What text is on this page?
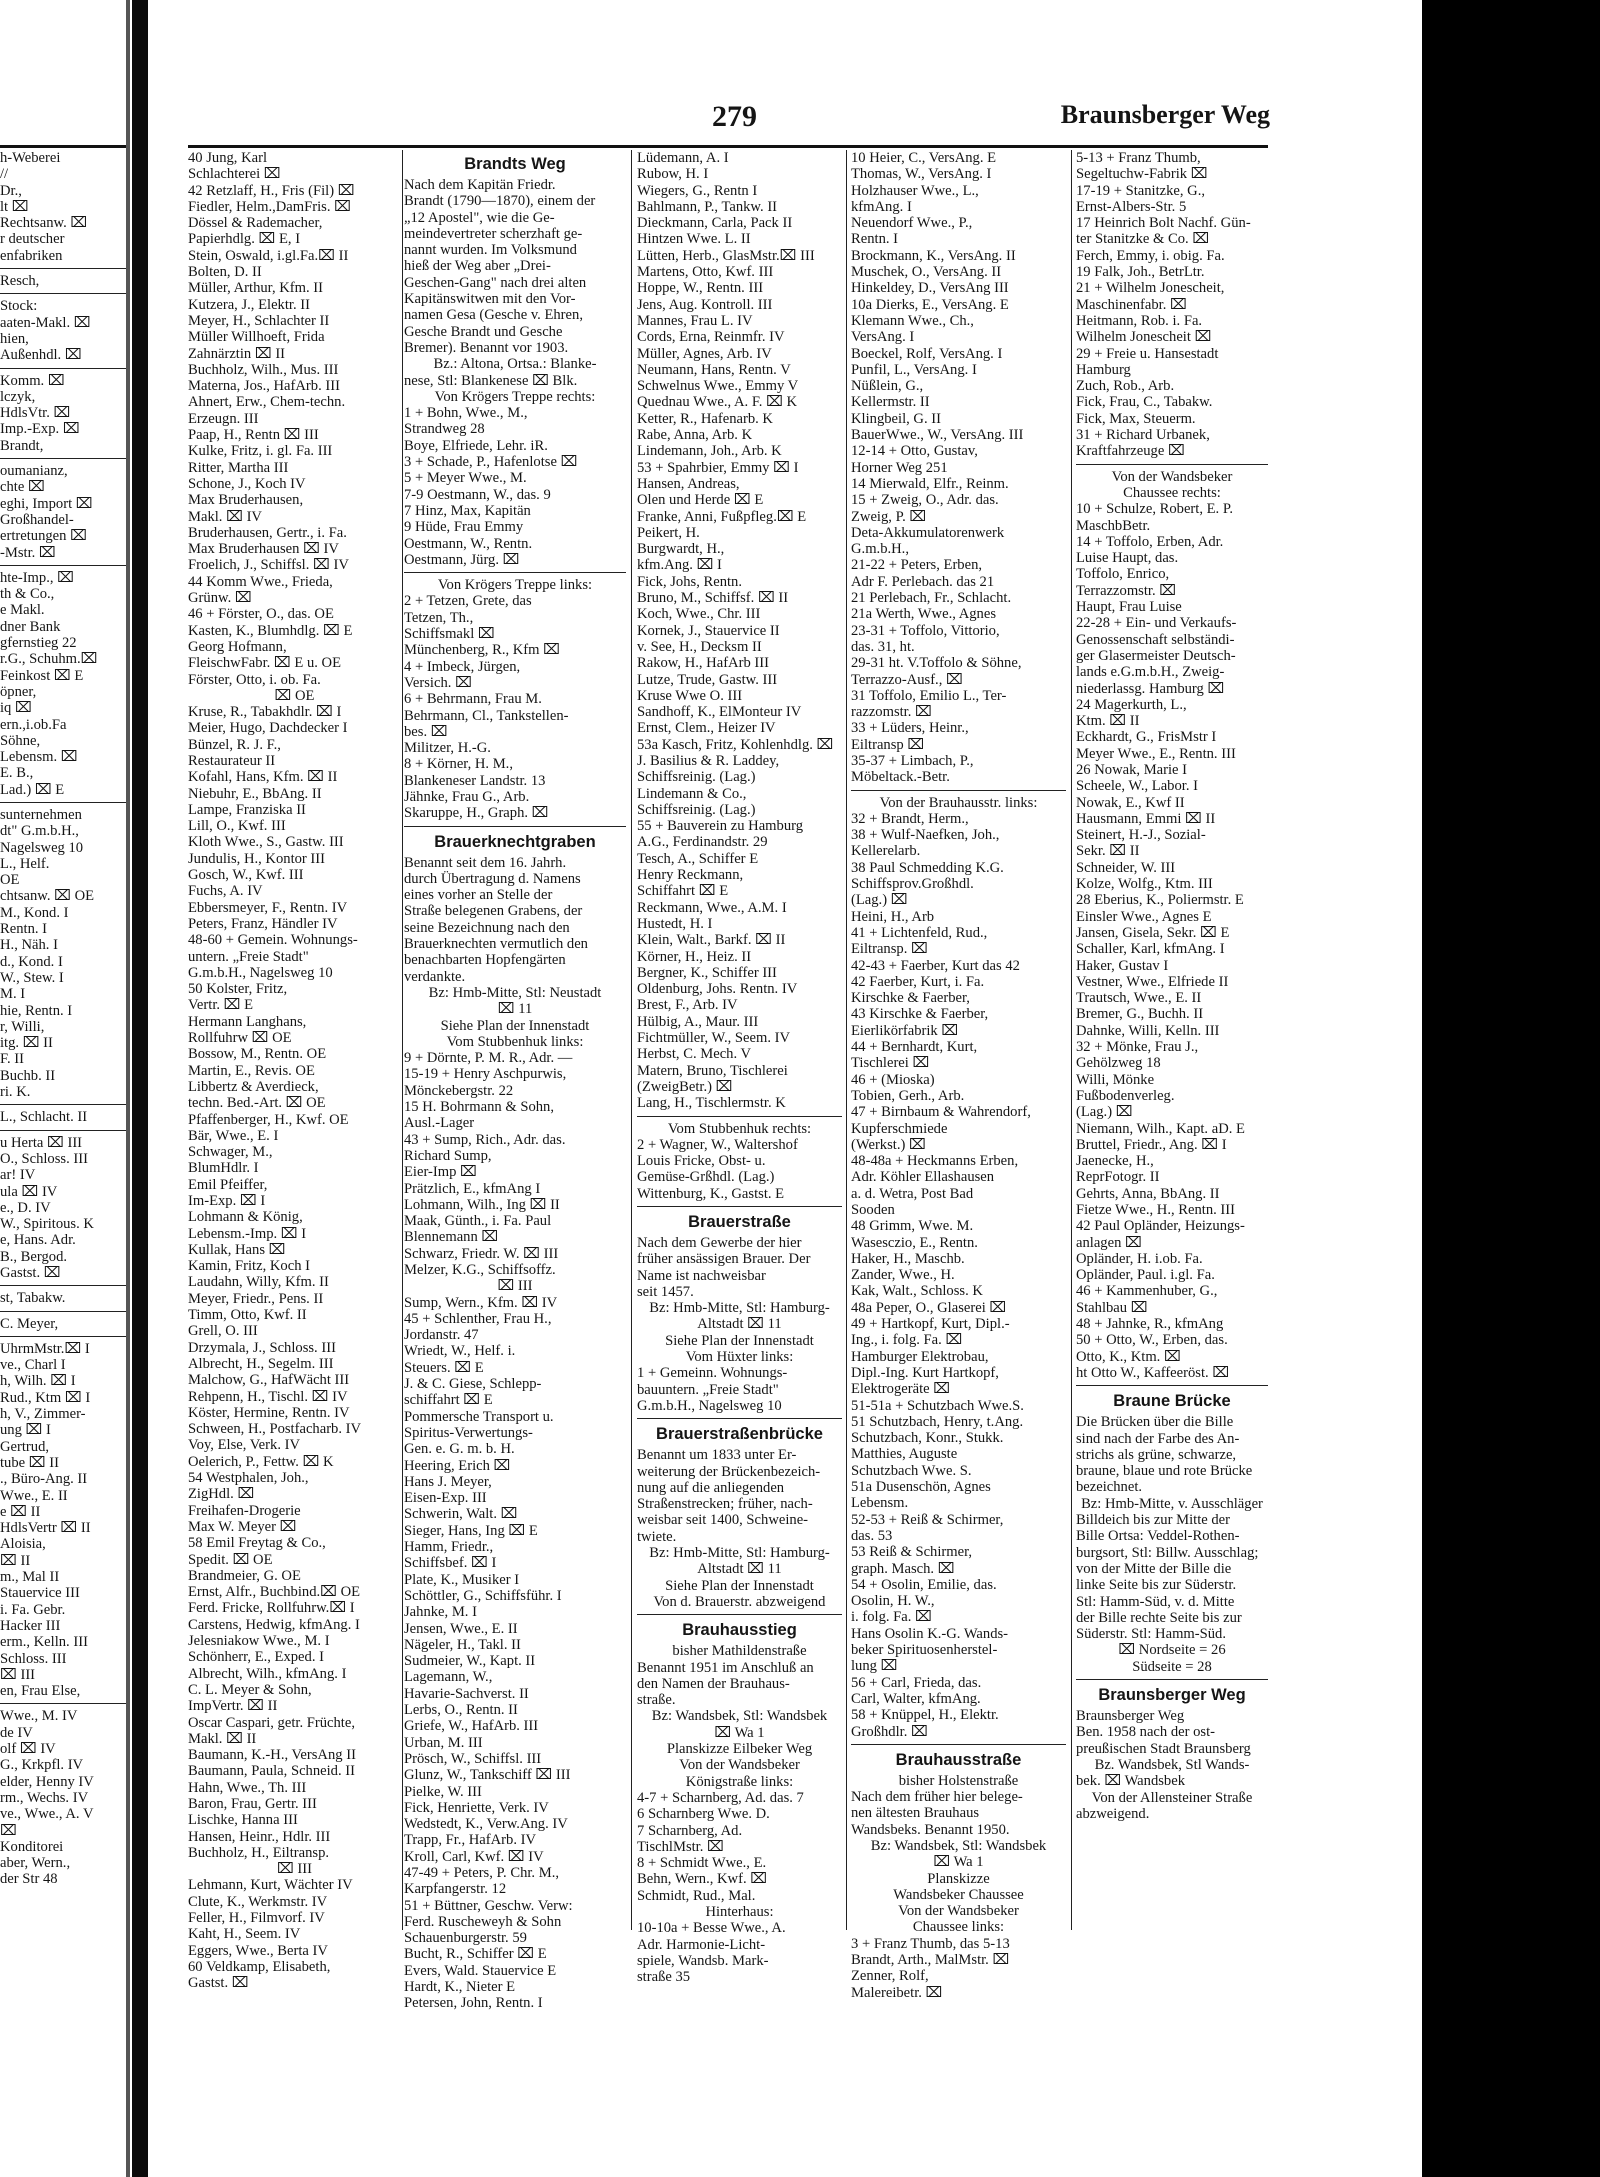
279	Braunsberger Weg
h-Weberei
//
Dr.,
lt ⌧
Rechtsanw. ⌧
r deutscher
enfabriken
Resch,
Stock:
aaten-Makl. ⌧
hien,
Außenhdl. ⌧
Komm. ⌧
lczyk,
HdlsVtr. ⌧
Imp.-Exp. ⌧
Brandt,
oumanianz,
chte ⌧
eghi, Import ⌧
Großhandel-
ertretungen ⌧
-Mstr. ⌧
hte-Imp., ⌧
th & Co.,
e Makl.
dner Bank
gfernstieg 22
r.G., Schuhm.⌧
Feinkost ⌧ E
öpner,
iq ⌧
ern.,i.ob.Fa
Söhne,
Lebensm. ⌧
E. B.,
Lad.) ⌧ E
sunternehmen
dt" G.m.b.H.,
Nagelsweg 10
L., Helf.
OE
chtsanw. ⌧ OE
M., Kond. I
Rentn. I
H., Näh. I
d., Kond. I
W., Stew. I
M. I
hie, Rentn. I
r, Willi,
itg. ⌧ II
F. II
Buchb. II
ri. K.
L., Schlacht. II
u Herta ⌧ III
O., Schloss. III
ar! IV
ula ⌧ IV
e., D. IV
W., Spiritous. K
e, Hans. Adr.
B., Bergod.
Gastst. ⌧
st, Tabakw.
C. Meyer,
UhrmMstr.⌧ I
ve., Charl I
h, Wilh. ⌧ I
Rud., Ktm ⌧ I
h, V., Zimmer-
ung ⌧ I
Gertrud,
tube ⌧ II
., Büro-Ang. II
Wwe., E. II
e ⌧ II
HdlsVertr ⌧ II
Aloisia,
⌧ II
m., Mal II
Stauervice III
i. Fa. Gebr.
Hacker III
erm., Kelln. III
Schloss. III
⌧ III
en, Frau Else,
Wwe., M. IV
de IV
olf ⌧ IV
G., Krkpfl. IV
elder, Henny IV
rm., Wechs. IV
ve., Wwe., A. V
⌧
Konditorei
aber, Wern.,
der Str 48
40 Jung, Karl
Schlachterei ⌧
42 Retzlaff, H., Fris (Fil) ⌧
Fiedler, Helm.,DamFris. ⌧
Dössel & Rademacher,
Papierhdlg. ⌧ E, I
Stein, Oswald, i.gl.Fa.⌧ II
Bolten, D. II
Müller, Arthur, Kfm. II
Kutzera, J., Elektr. II
Meyer, H., Schlachter II
Müller Willhoeft, Frida
Zahnärztin ⌧ II
Buchholz, Wilh., Mus. III
Materna, Jos., HafArb. III
Ahnert, Erw., Chem-techn.
Erzeugn. III
Paap, H., Rentn ⌧ III
Kulke, Fritz, i. gl. Fa. III
Ritter, Martha III
Schone, J., Koch IV
Max Bruderhausen,
Makl. ⌧ IV
Bruderhausen, Gertr., i. Fa.
Max Bruderhausen ⌧ IV
Froelich, J., Schiffsl. ⌧ IV
44 Komm Wwe., Frieda,
Grünw. ⌧
46 + Förster, O., das. OE
Kasten, K., Blumhdlg. ⌧ E
Georg Hofmann,
FleischwFabr. ⌧ E u. OE
Förster, Otto, i. ob. Fa.
⌧ OE
Kruse, R., Tabakhdlr. ⌧ I
Meier, Hugo, Dachdecker I
Bünzel, R. J. F.,
Restaurateur II
Kofahl, Hans, Kfm. ⌧ II
Niebuhr, E., BbAng. II
Lampe, Franziska II
Lill, O., Kwf. III
Kloth Wwe., S., Gastw. III
Jundulis, H., Kontor III
Gosch, W., Kwf. III
Fuchs, A. IV
Ebbersmeyer, F., Rentn. IV
Peters, Franz, Händler IV
48-60 + Gemein. Wohnungs-
untern. „Freie Stadt"
G.m.b.H., Nagelsweg 10
50 Kolster, Fritz,
Vertr. ⌧ E
Hermann Langhans,
Rollfuhrw ⌧ OE
Bossow, M., Rentn. OE
Martin, E., Revis. OE
Libbertz & Averdieck,
techn. Bed.-Art. ⌧ OE
Pfaffenberger, H., Kwf. OE
Bär, Wwe., E. I
Schwager, M.,
BlumHdlr. I
Emil Pfeiffer,
Im-Exp. ⌧ I
Lohmann & König,
Lebensm.-Imp. ⌧ I
Kullak, Hans ⌧
Kamin, Fritz, Koch I
Laudahn, Willy, Kfm. II
Meyer, Friedr., Pens. II
Timm, Otto, Kwf. II
Grell, O. III
Drzymala, J., Schloss. III
Albrecht, H., Segelm. III
Malchow, G., HafWächt III
Rehpenn, H., Tischl. ⌧ IV
Köster, Hermine, Rentn. IV
Schween, H., Postfacharb. IV
Voy, Else, Verk. IV
Oelerich, P., Fettw. ⌧ K
54 Westphalen, Joh.,
ZigHdl. ⌧
Freihafen-Drogerie
Max W. Meyer ⌧
58 Emil Freytag & Co.,
Spedit. ⌧ OE
Brandmeier, G. OE
Ernst, Alfr., Buchbind.⌧ OE
Ferd. Fricke, Rollfuhrw.⌧ I
Carstens, Hedwig, kfmAng. I
Jelesniakow Wwe., M. I
Schönherr, E., Exped. I
Albrecht, Wilh., kfmAng. I
C. L. Meyer & Sohn,
ImpVertr. ⌧ II
Oscar Caspari, getr. Früchte,
Makl. ⌧ II
Baumann, K.-H., VersAng II
Baumann, Paula, Schneid. II
Hahn, Wwe., Th. III
Baron, Frau, Gertr. III
Lischke, Hanna III
Hansen, Heinr., Hdlr. III
Buchholz, H., Eiltransp.
⌧ III
Lehmann, Kurt, Wächter IV
Clute, K., Werkmstr. IV
Feller, H., Filmvorf. IV
Kaht, H., Seem. IV
Eggers, Wwe., Berta IV
60 Veldkamp, Elisabeth,
Gastst. ⌧
Brandts Weg
Nach dem Kapitän Friedr.
Brandt (1790—1870), einem der
„12 Apostel", wie die Ge-
meindevertreter scherzhaft ge-
nannt wurden. Im Volksmund
hieß der Weg aber „Drei-
Geschen-Gang" nach drei alten
Kapitänswitwen mit den Vor-
namen Gesa (Gesche v. Ehren,
Gesche Brandt und Gesche
Bremer). Benannt vor 1903.
Bz.: Altona, Ortsa.: Blanke-
nese, Stl: Blankenese ⌧ Blk.
Von Krögers Treppe rechts:
1 + Bohn, Wwe., M.,
Strandweg 28
Boye, Elfriede, Lehr. iR.
3 + Schade, P., Hafenlotse ⌧
5 + Meyer Wwe., M.
7-9 Oestmann, W., das. 9
7 Hinz, Max, Kapitän
9 Hüde, Frau Emmy
Oestmann, W., Rentn.
Oestmann, Jürg. ⌧
Von Krögers Treppe links:
2 + Tetzen, Grete, das
Tetzen, Th.,
Schiffsmakl ⌧
Münchenberg, R., Kfm ⌧
4 + Imbeck, Jürgen,
Versich. ⌧
6 + Behrmann, Frau M.
Behrmann, Cl., Tankstellen-
bes. ⌧
Militzer, H.-G.
8 + Körner, H. M.,
Blankeneser Landstr. 13
Jähnke, Frau G., Arb.
Skaruppe, H., Graph. ⌧
Brauerknechtgraben
Benannt seit dem 16. Jahrh.
durch Übertragung d. Namens
eines vorher an Stelle der
Straße belegenen Grabens, der
seine Bezeichnung nach den
Brauerknechten vermutlich den
benachbarten Hopfengärten
verdankte.
Bz: Hmb-Mitte, Stl: Neustadt
⌧ 11
Siehe Plan der Innenstadt
Vom Stubbenhuk links:
9 + Dörnte, P. M. R., Adr. —
15-19 + Henry Aschpurwis,
Mönckebergstr. 22
15 H. Bohrmann & Sohn,
Ausl.-Lager
43 + Sump, Rich., Adr. das.
Richard Sump,
Eier-Imp ⌧
Prätzlich, E., kfmAng I
Lohmann, Wilh., Ing ⌧ II
Maak, Günth., i. Fa. Paul
Blennemann ⌧
Schwarz, Friedr. W. ⌧ III
Melzer, K.G., Schiffsoffz.
⌧ III
Sump, Wern., Kfm. ⌧ IV
45 + Schlenther, Frau H.,
Jordanstr. 47
Wriedt, W., Helf. i.
Steuers. ⌧ E
J. & C. Giese, Schlepp-
schiffahrt ⌧ E
Pommersche Transport u.
Spiritus-Verwertungs-
Gen. e. G. m. b. H.
Heering, Erich ⌧
Hans J. Meyer,
Eisen-Exp. III
Schwerin, Walt. ⌧
Sieger, Hans, Ing ⌧ E
Hamm, Friedr.,
Schiffsbef. ⌧ I
Plate, K., Musiker I
Schöttler, G., Schiffsführ. I
Jahnke, M. I
Jensen, Wwe., E. II
Nägeler, H., Takl. II
Sudmeier, W., Kapt. II
Lagemann, W.,
Havarie-Sachverst. II
Lerbs, O., Rentn. II
Griefe, W., HafArb. III
Urban, M. III
Prösch, W., Schiffsl. III
Glunz, W., Tankschiff ⌧ III
Pielke, W. III
Fick, Henriette, Verk. IV
Wedstedt, K., Verw.Ang. IV
Trapp, Fr., HafArb. IV
Kroll, Carl, Kwf. ⌧ IV
47-49 + Peters, P. Chr. M.,
Karpfangerstr. 12
51 + Büttner, Geschw. Verw:
Ferd. Ruscheweyh & Sohn
Schauenburgerstr. 59
Bucht, R., Schiffer ⌧ E
Evers, Wald. Stauervice E
Hardt, K., Nieter E
Petersen, John, Rentn. I
Lüdemann, A. I
Rubow, H. I
Wiegers, G., Rentn I
Bahlmann, P., Tankw. II
Dieckmann, Carla, Pack II
Hintzen Wwe. L. II
Lütten, Herb., GlasMstr.⌧ III
Martens, Otto, Kwf. III
Hoppe, W., Rentn. III
Jens, Aug. Kontroll. III
Mannes, Frau L. IV
Cords, Erna, Reinmfr. IV
Müller, Agnes, Arb. IV
Neumann, Hans, Rentn. V
Schwelnus Wwe., Emmy V
Quednau Wwe., A. F. ⌧ K
Ketter, R., Hafenarb. K
Rabe, Anna, Arb. K
Lindemann, Joh., Arb. K
53 + Spahrbier, Emmy ⌧ I
Hansen, Andreas,
Olen und Herde ⌧ E
Franke, Anni, Fußpfleg.⌧ E
Peikert, H.
Burgwardt, H.,
kfm.Ang. ⌧ I
Fick, Johs, Rentn.
Bruno, M., Schiffsf. ⌧ II
Koch, Wwe., Chr. III
Kornek, J., Stauervice II
v. See, H., Decksm II
Rakow, H., HafArb III
Lutze, Trude, Gastw. III
Kruse Wwe O. III
Sandhoff, K., ElMonteur IV
Ernst, Clem., Heizer IV
53a Kasch, Fritz, Kohlenhdlg. ⌧
J. Basilius & R. Laddey,
Schiffsreinig. (Lag.)
Lindemann & Co.,
Schiffsreinig. (Lag.)
55 + Bauverein zu Hamburg
A.G., Ferdinandstr. 29
Tesch, A., Schiffer E
Henry Reckmann,
Schiffahrt ⌧ E
Reckmann, Wwe., A.M. I
Hustedt, H. I
Klein, Walt., Barkf. ⌧ II
Körner, H., Heiz. II
Bergner, K., Schiffer III
Oldenburg, Johs. Rentn. IV
Brest, F., Arb. IV
Hülbig, A., Maur. III
Fichtmüller, W., Seem. IV
Herbst, C. Mech. V
Matern, Bruno, Tischlerei
(ZweigBetr.) ⌧
Lang, H., Tischlermstr. K
Vom Stubbenhuk rechts:
2 + Wagner, W., Waltershof
Louis Fricke, Obst- u.
Gemüse-Grßhdl. (Lag.)
Wittenburg, K., Gastst. E
Brauerstraße
Nach dem Gewerbe der hier
früher ansässigen Brauer. Der
Name ist nachweisbar
seit 1457.
Bz: Hmb-Mitte, Stl: Hamburg-
Altstadt ⌧ 11
Siehe Plan der Innenstadt
Vom Hüxter links:
1 + Gemeinn. Wohnungs-
bauuntern. „Freie Stadt"
G.m.b.H., Nagelsweg 10
Brauerstraßenbrücke
Benannt um 1833 unter Er-
weiterung der Brückenbezeich-
nung auf die anliegenden
Straßenstrecken; früher, nach-
weisbar seit 1400, Schweine-
twiete.
Bz: Hmb-Mitte, Stl: Hamburg-
Altstadt ⌧ 11
Siehe Plan der Innenstadt
Von d. Brauerstr. abzweigend
Brauhausstieg
bisher Mathildenstraße
Benannt 1951 im Anschluß an
den Namen der Brauhaus-
straße.
Bz: Wandsbek, Stl: Wandsbek
⌧ Wa 1
Planskizze Eilbeker Weg
Von der Wandsbeker
Königstraße links:
4-7 + Scharnberg, Ad. das. 7
6 Scharnberg Wwe. D.
7 Scharnberg, Ad.
TischlMstr. ⌧
8 + Schmidt Wwe., E.
Behn, Wern., Kwf. ⌧
Schmidt, Rud., Mal.
Hinterhaus:
10-10a + Besse Wwe., A.
Adr. Harmonie-Licht-
spiele, Wandsb. Mark-
straße 35
10 Heier, C., VersAng. E
Thomas, W., VersAng. I
Holzhauser Wwe., L.,
kfmAng. I
Neuendorf Wwe., P.,
Rentn. I
Brockmann, K., VersAng. II
Muschek, O., VersAng. II
Hinkeldey, D., VersAng III
10a Dierks, E., VersAng. E
Klemann Wwe., Ch.,
VersAng. I
Boeckel, Rolf, VersAng. I
Punfil, L., VersAng. I
Nüßlein, G.,
Kellermstr. II
Klingbeil, G. II
BauerWwe., W., VersAng. III
12-14 + Otto, Gustav,
Horner Weg 251
14 Mierwald, Elfr., Reinm.
15 + Zweig, O., Adr. das.
Zweig, P. ⌧
Deta-Akkumulatorenwerk
G.m.b.H.,
21-22 + Peters, Erben,
Adr F. Perlebach. das 21
21 Perlebach, Fr., Schlacht.
21a Werth, Wwe., Agnes
23-31 + Toffolo, Vittorio,
das. 31, ht.
29-31 ht. V.Toffolo & Söhne,
Terrazzo-Ausf., ⌧
31 Toffolo, Emilio L., Ter-
razzomstr. ⌧
33 + Lüders, Heinr.,
Eiltransp ⌧
35-37 + Limbach, P.,
Möbeltack.-Betr.
Von der Brauhausstr. links:
32 + Brandt, Herm.,
38 + Wulf-Naefken, Joh.,
Kellerelarb.
38 Paul Schmedding K.G.
Schiffsprov.Großhdl.
(Lag.) ⌧
Heini, H., Arb
41 + Lichtenfeld, Rud.,
Eiltransp. ⌧
42-43 + Faerber, Kurt das 42
42 Faerber, Kurt, i. Fa.
Kirschke & Faerber,
43 Kirschke & Faerber,
Eierlikörfabrik ⌧
44 + Bernhardt, Kurt,
Tischlerei ⌧
46 + (Mioska)
Tobien, Gerh., Arb.
47 + Birnbaum & Wahrendorf,
Kupferschmiede
(Werkst.) ⌧
48-48a + Heckmanns Erben,
Adr. Köhler Ellashausen
a. d. Wetra, Post Bad
Sooden
48 Grimm, Wwe. M.
Wasesczio, E., Rentn.
Haker, H., Maschb.
Zander, Wwe., H.
Kak, Walt., Schloss. K
48a Peper, O., Glaserei ⌧
49 + Hartkopf, Kurt, Dipl.-
Ing., i. folg. Fa. ⌧
Hamburger Elektrobau,
Dipl.-Ing. Kurt Hartkopf,
Elektrogeräte ⌧
51-51a + Schutzbach Wwe.S.
51 Schutzbach, Henry, t.Ang.
Schutzbach, Konr., Stukk.
Matthies, Auguste
Schutzbach Wwe. S.
51a Dusenschön, Agnes
Lebensm.
52-53 + Reiß & Schirmer,
das. 53
53 Reiß & Schirmer,
graph. Masch. ⌧
54 + Osolin, Emilie, das.
Osolin, H. W.,
i. folg. Fa. ⌧
Hans Osolin K.-G. Wands-
beker Spirituosenherstel-
lung ⌧
56 + Carl, Frieda, das.
Carl, Walter, kfmAng.
58 + Knüppel, H., Elektr.
Großhdlr. ⌧
Brauhausstraße
bisher Holstenstraße
Nach dem früher hier belege-
nen ältesten Brauhaus
Wandsbeks. Benannt 1950.
Bz: Wandsbek, Stl: Wandsbek
⌧ Wa 1
Planskizze
Wandsbeker Chaussee
Von der Wandsbeker
Chaussee links:
3 + Franz Thumb, das 5-13
Brandt, Arth., MalMstr. ⌧
Zenner, Rolf,
Malereibetr. ⌧
5-13 + Franz Thumb,
Segeltuchw-Fabrik ⌧
17-19 + Stanitzke, G.,
Ernst-Albers-Str. 5
17 Heinrich Bolt Nachf. Gün-
ter Stanitzke & Co. ⌧
Ferch, Emmy, i. obig. Fa.
19 Falk, Joh., BetrLtr.
21 + Wilhelm Jonescheit,
Maschinenfabr. ⌧
Heitmann, Rob. i. Fa.
Wilhelm Jonescheit ⌧
29 + Freie u. Hansestadt
Hamburg
Zuch, Rob., Arb.
Fick, Frau, C., Tabakw.
Fick, Max, Steuerm.
31 + Richard Urbanek,
Kraftfahrzeuge ⌧
Von der Wandsbeker
Chaussee rechts:
10 + Schulze, Robert, E. P.
MaschbBetr.
14 + Toffolo, Erben, Adr.
Luise Haupt, das.
Toffolo, Enrico,
Terrazzomstr. ⌧
Haupt, Frau Luise
22-28 + Ein- und Verkaufs-
Genossenschaft selbständi-
ger Glasermeister Deutsch-
lands e.G.m.b.H., Zweig-
niederlassg. Hamburg ⌧
24 Magerkurth, L.,
Ktm. ⌧ II
Eckhardt, G., FrisMstr I
Meyer Wwe., E., Rentn. III
26 Nowak, Marie I
Scheele, W., Labor. I
Nowak, E., Kwf II
Hausmann, Emmi ⌧ II
Steinert, H.-J., Sozial-
Sekr. ⌧ II
Schneider, W. III
Kolze, Wolfg., Ktm. III
28 Eberius, K., Poliermstr. E
Einsler Wwe., Agnes E
Jansen, Gisela, Sekr. ⌧ E
Schaller, Karl, kfmAng. I
Haker, Gustav I
Vestner, Wwe., Elfriede II
Trautsch, Wwe., E. II
Bremer, G., Buchh. II
Dahnke, Willi, Kelln. III
32 + Mönke, Frau J.,
Gehölzweg 18
Willi, Mönke
Fußbodenverleg.
(Lag.) ⌧
Niemann, Wilh., Kapt. aD. E
Bruttel, Friedr., Ang. ⌧ I
Jaenecke, H.,
ReprFotogr. II
Gehrts, Anna, BbAng. II
Fietze Wwe., H., Rentn. III
42 Paul Opländer, Heizungs-
anlagen ⌧
Opländer, H. i.ob. Fa.
Opländer, Paul. i.gl. Fa.
46 + Kammenhuber, G.,
Stahlbau ⌧
48 + Jahnke, R., kfmAng
50 + Otto, W., Erben, das.
Otto, K., Ktm. ⌧
ht Otto W., Kaffeeröst. ⌧
Braune Brücke
Die Brücken über die Bille
sind nach der Farbe des An-
strichs als grüne, schwarze,
braune, blaue und rote Brücke
bezeichnet.
Bz: Hmb-Mitte, v. Ausschläger
Billdeich bis zur Mitte der
Bille Ortsa: Veddel-Rothen-
burgsort, Stl: Billw. Ausschlag;
von der Mitte der Bille die
linke Seite bis zur Süderstr.
Stl: Hamm-Süd, v. d. Mitte
der Bille rechte Seite bis zur
Süderstr. Stl: Hamm-Süd.
⌧ Nordseite = 26
Südseite = 28
Braunsberger Weg
Braunsberger Weg
Ben. 1958 nach der ost-
preußischen Stadt Braunsberg
Bz. Wandsbek, Stl Wands-
bek. ⌧ Wandsbek
Von der Allensteiner Straße
abzweigend.
